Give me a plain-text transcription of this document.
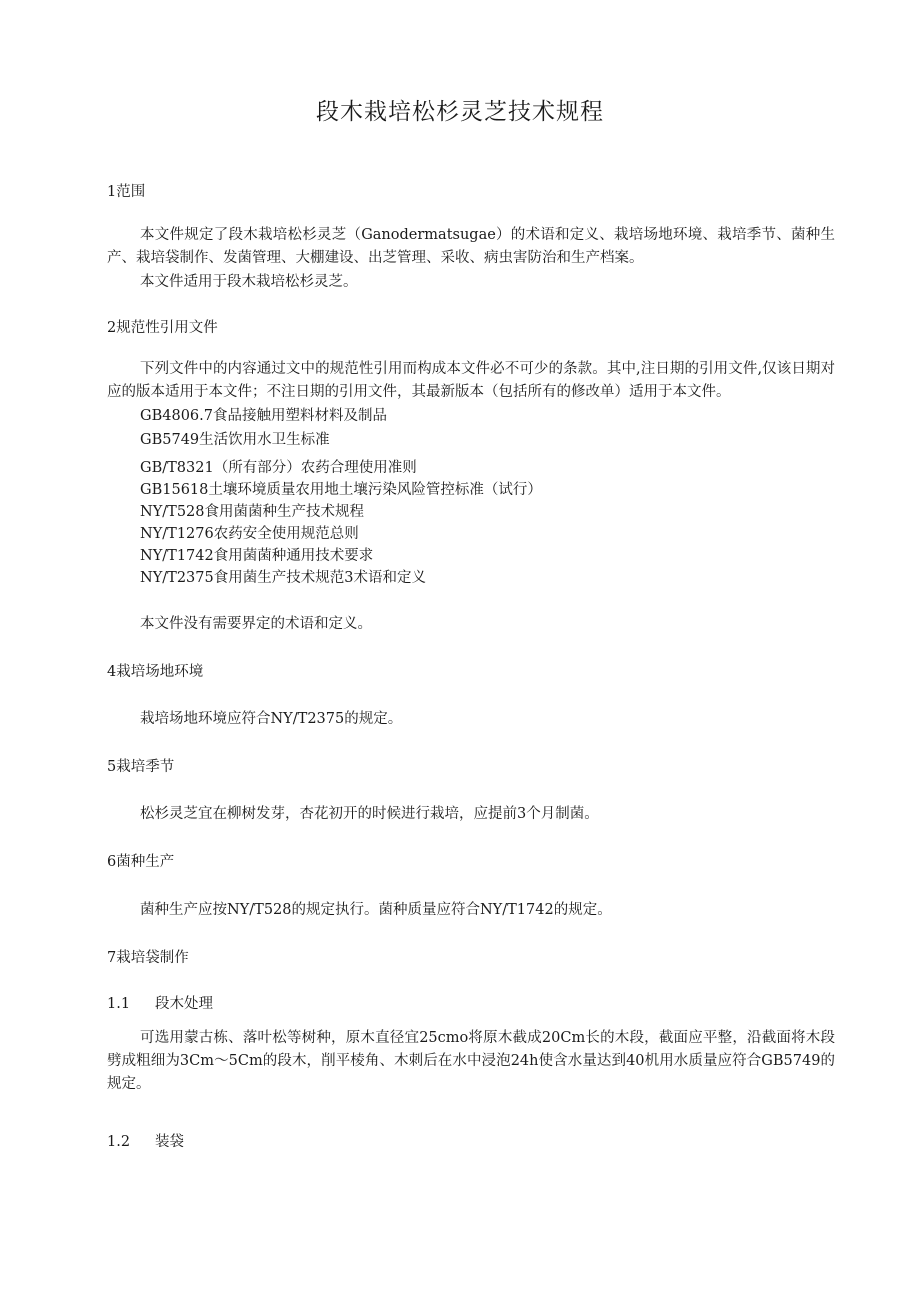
段木栽培松杉灵芝技术规程
1范围
本文件规定了段木栽培松杉灵芝（Ganodermatsugae）的术语和定义、栽培场地环境、栽培季节、菌种生产、栽培袋制作、发菌管理、大棚建设、出芝管理、采收、病虫害防治和生产档案。
本文件适用于段木栽培松杉灵芝。
2规范性引用文件
下列文件中的内容通过文中的规范性引用而构成本文件必不可少的条款。其中,注日期的引用文件,仅该日期对应的版本适用于本文件；不注日期的引用文件，其最新版本（包括所有的修改单）适用于本文件。
GB4806.7食品接触用塑料材料及制品
GB5749生活饮用水卫生标准
GB/T8321（所有部分）农药合理使用准则
GB15618土壤环境质量农用地土壤污染风险管控标准（试行）
NY/T528食用菌菌种生产技术规程
NY/T1276农药安全使用规范总则
NY/T1742食用菌菌种通用技术要求
NY/T2375食用菌生产技术规范3术语和定义
本文件没有需要界定的术语和定义。
4栽培场地环境
栽培场地环境应符合NY/T2375的规定。
5栽培季节
松杉灵芝宜在柳树发芽，杏花初开的时候进行栽培，应提前3个月制菌。
6菌种生产
菌种生产应按NY/T528的规定执行。菌种质量应符合NY/T1742的规定。
7栽培袋制作
1.1 段木处理
可选用蒙古栋、落叶松等树种，原木直径宜25cmo将原木截成20Cm长的木段，截面应平整，沿截面将木段劈成粗细为3Cm～5Cm的段木，削平棱角、木刺后在水中浸泡24h使含水量达到40机用水质量应符合GB5749的规定。
1.2 装袋
